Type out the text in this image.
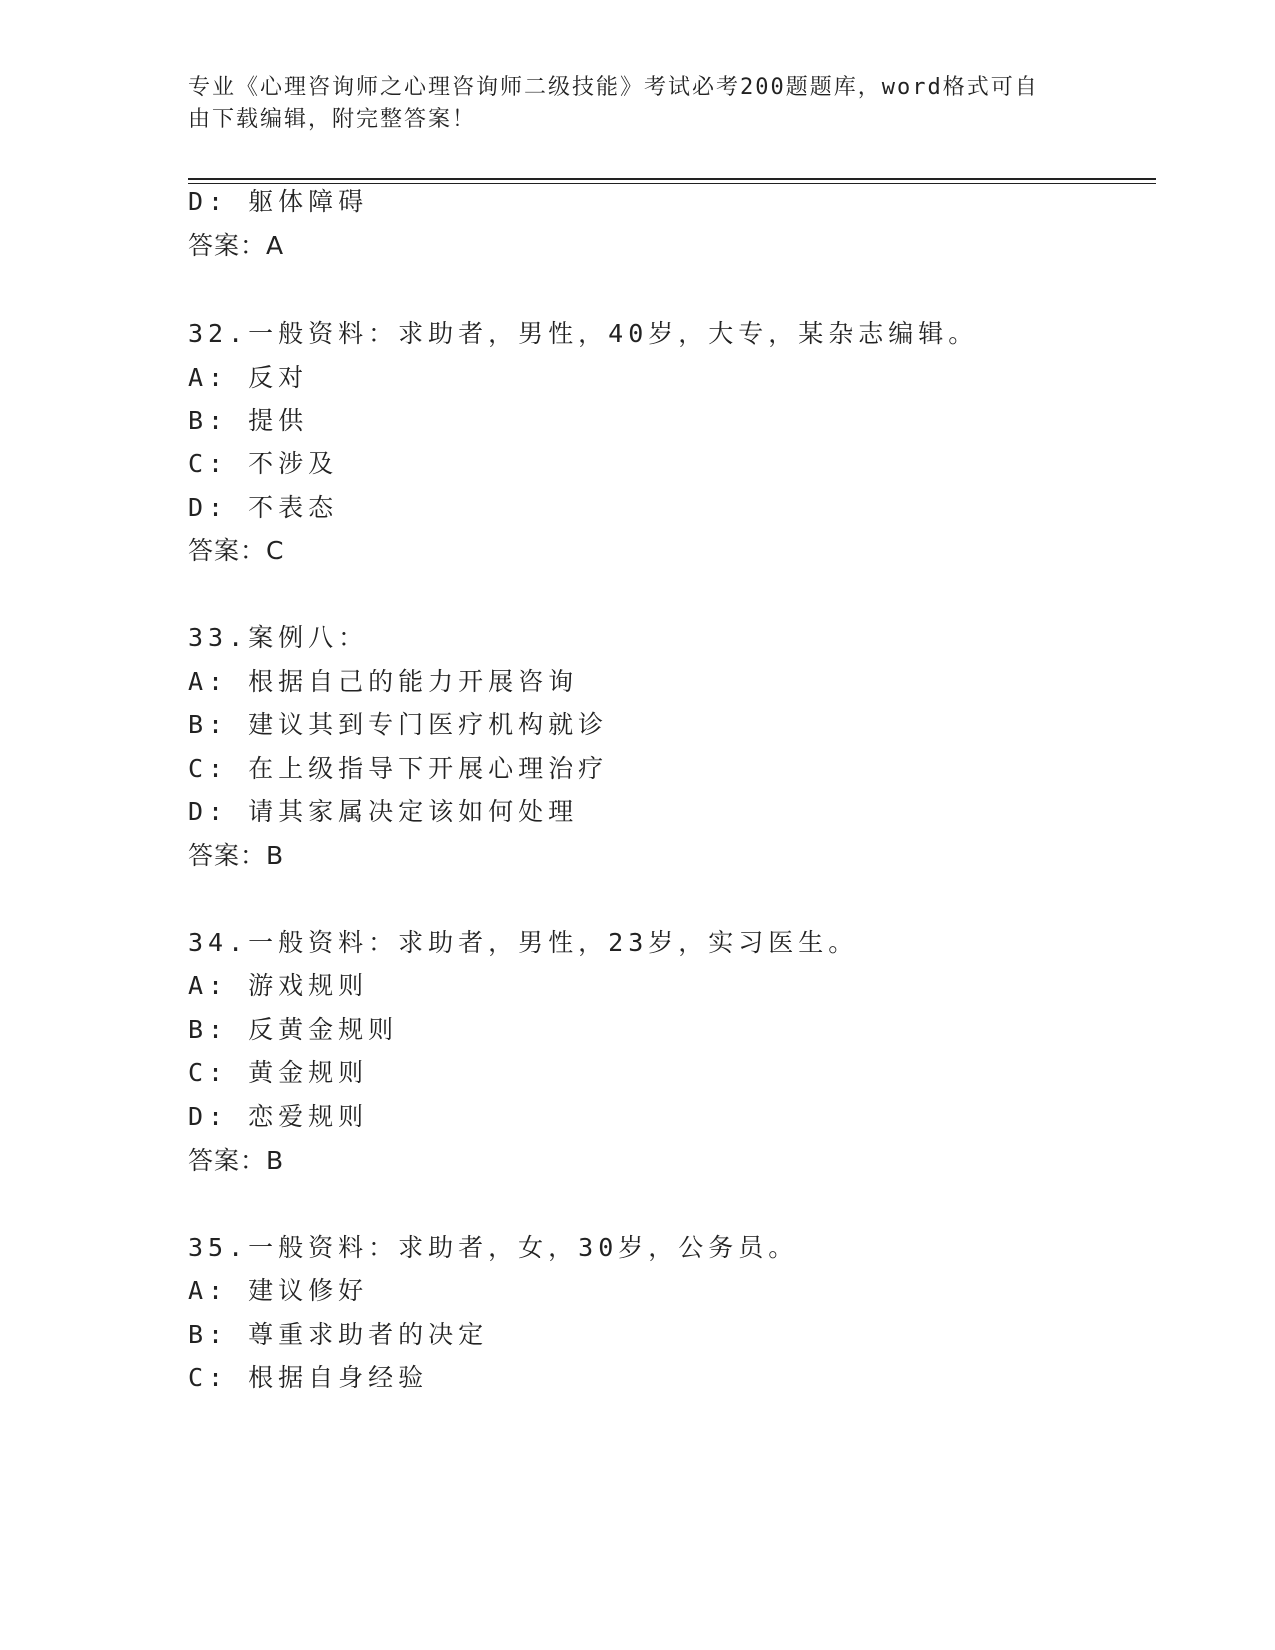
专业《心理咨询师之心理咨询师二级技能》考试必考200题题库，word格式可自
由下载编辑，附完整答案！
D: 躯体障碍
答案：A
32.一般资料：求助者，男性，40岁，大专，某杂志编辑。
A: 反对
B: 提供
C: 不涉及
D: 不表态
答案：C
33.案例八：
A: 根据自己的能力开展咨询
B: 建议其到专门医疗机构就诊
C: 在上级指导下开展心理治疗
D: 请其家属决定该如何处理
答案：B
34.一般资料：求助者，男性，23岁，实习医生。
A: 游戏规则
B: 反黄金规则
C: 黄金规则
D: 恋爱规则
答案：B
35.一般资料：求助者，女，30岁，公务员。
A: 建议修好
B: 尊重求助者的决定
C: 根据自身经验
